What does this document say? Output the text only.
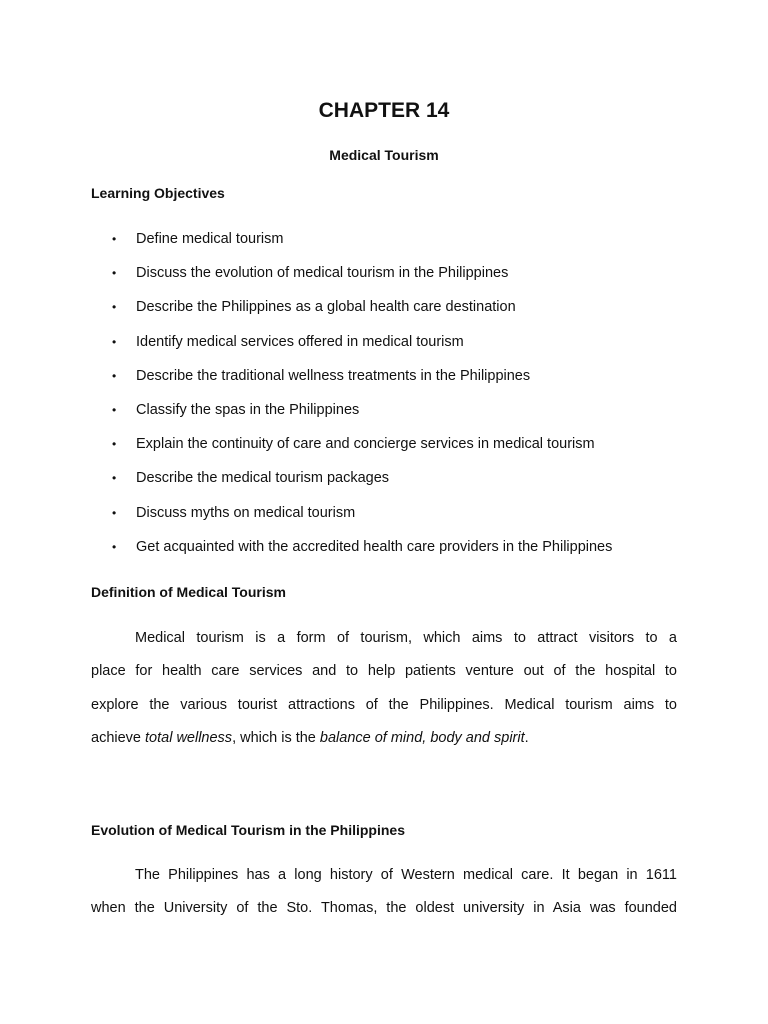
CHAPTER 14
Medical Tourism
Learning Objectives
• Define medical tourism
• Discuss the evolution of medical tourism in the Philippines
• Describe the Philippines as a global health care destination
• Identify medical services offered in medical tourism
• Describe the traditional wellness treatments in the Philippines
• Classify the spas in the Philippines
• Explain the continuity of care and concierge services in medical tourism
• Describe the medical tourism packages
• Discuss myths on medical tourism
• Get acquainted with the accredited health care providers in the Philippines
Definition of Medical Tourism

Medical tourism is a form of tourism, which aims to attract visitors to a
place for health care services and to help patients venture out of the hospital to
explore the various tourist attractions of the Philippines. Medical tourism aims to
achieve total wellness, which is the balance of mind, body and spirit.

Evolution of Medical Tourism in the Philippines

The Philippines has a long history of Western medical care. It began in 1611
when the University of the Sto. Thomas, the oldest university in Asia was founded
